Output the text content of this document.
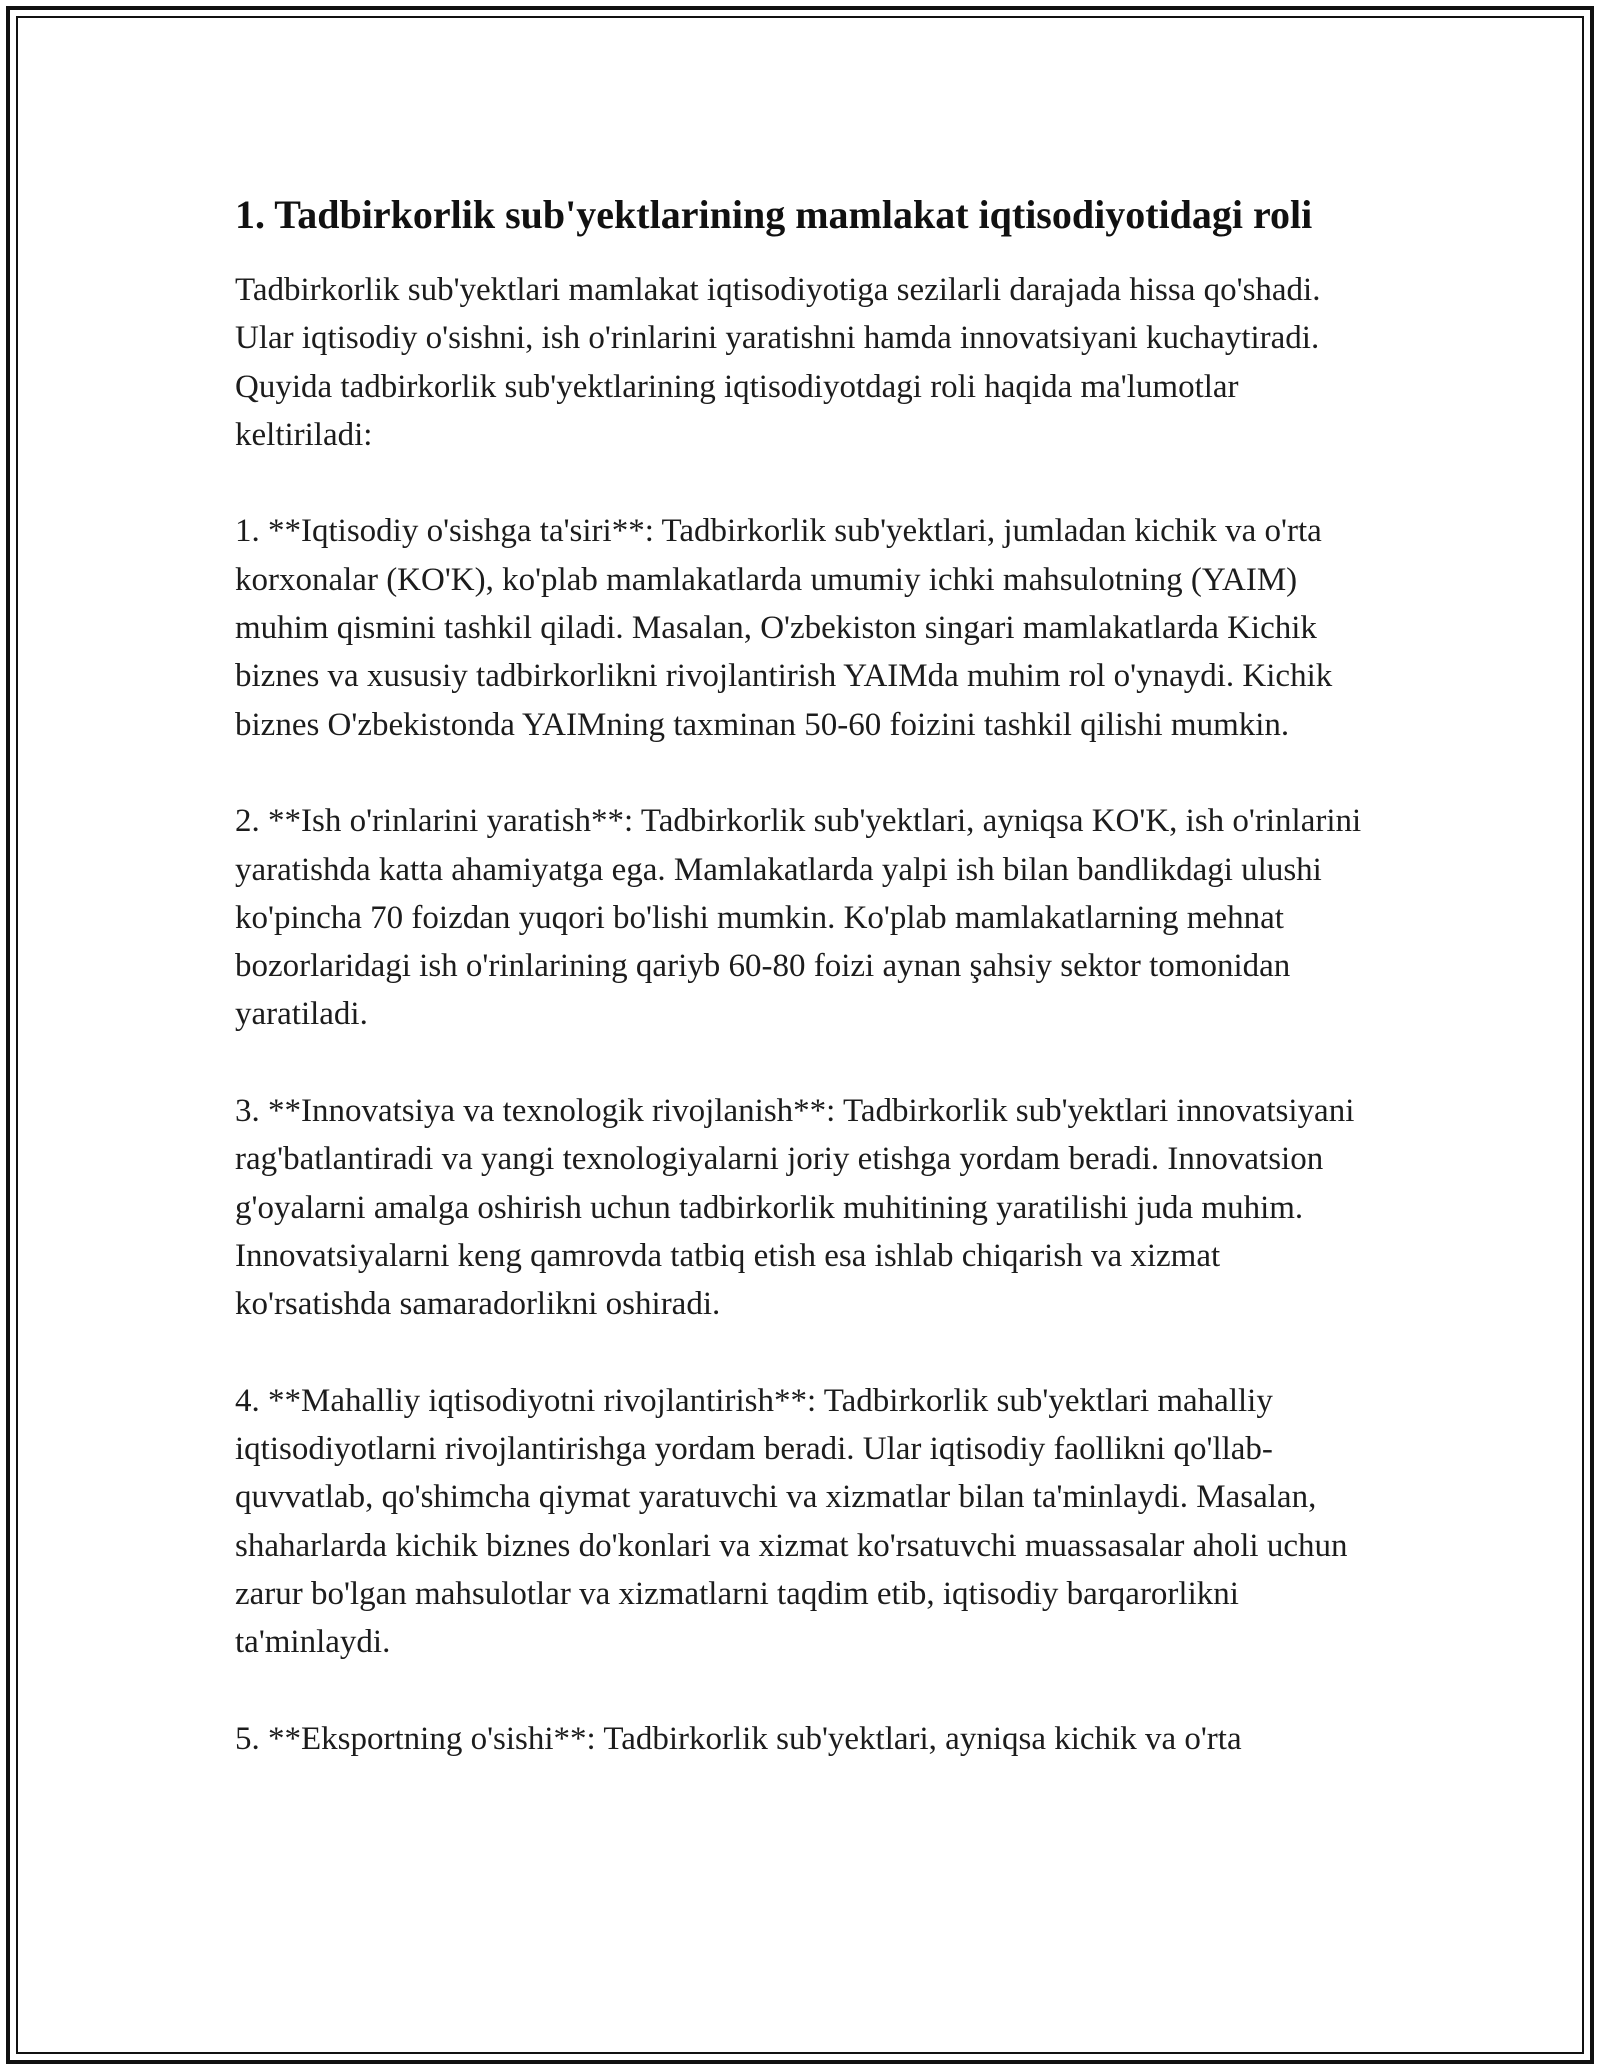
1. Tadbirkorlik sub'yektlarining mamlakat iqtisodiyotidagi roli

Tadbirkorlik sub'yektlari mamlakat iqtisodiyotiga sezilarli darajada hissa qo'shadi. Ular iqtisodiy o'sishni, ish o'rinlarini yaratishni hamda innovatsiyani kuchaytiradi. Quyida tadbirkorlik sub'yektlarining iqtisodiyotdagi roli haqida ma'lumotlar keltiriladi:

1. **Iqtisodiy o'sishga ta'siri**: Tadbirkorlik sub'yektlari, jumladan kichik va o'rta korxonalar (KO'K), ko'plab mamlakatlarda umumiy ichki mahsulotning (YAIM) muhim qismini tashkil qiladi. Masalan, O'zbekiston singari mamlakatlarda Kichik biznes va xususiy tadbirkorlikni rivojlantirish YAIMda muhim rol o'ynaydi. Kichik biznes O'zbekistonda YAIMning taxminan 50-60 foizini tashkil qilishi mumkin.

2. **Ish o'rinlarini yaratish**: Tadbirkorlik sub'yektlari, ayniqsa KO'K, ish o'rinlarini yaratishda katta ahamiyatga ega. Mamlakatlarda yalpi ish bilan bandlikdagi ulushi ko'pincha 70 foizdan yuqori bo'lishi mumkin. Ko'plab mamlakatlarning mehnat bozorlaridagi ish o'rinlarining qariyb 60-80 foizi aynan şahsiy sektor tomonidan yaratiladi.

3. **Innovatsiya va texnologik rivojlanish**: Tadbirkorlik sub'yektlari innovatsiyani rag'batlantiradi va yangi texnologiyalarni joriy etishga yordam beradi. Innovatsion g'oyalarni amalga oshirish uchun tadbirkorlik muhitining yaratilishi juda muhim. Innovatsiyalarni keng qamrovda tatbiq etish esa ishlab chiqarish va xizmat ko'rsatishda samaradorlikni oshiradi.

4. **Mahalliy iqtisodiyotni rivojlantirish**: Tadbirkorlik sub'yektlari mahalliy iqtisodiyotlarni rivojlantirishga yordam beradi. Ular iqtisodiy faollikni qo'llab-quvvatlab, qo'shimcha qiymat yaratuvchi va xizmatlar bilan ta'minlaydi. Masalan, shaharlarda kichik biznes do'konlari va xizmat ko'rsatuvchi muassasalar aholi uchun zarur bo'lgan mahsulotlar va xizmatlarni taqdim etib, iqtisodiy barqarorlikni ta'minlaydi.

5. **Eksportning o'sishi**: Tadbirkorlik sub'yektlari, ayniqsa kichik va o'rta
